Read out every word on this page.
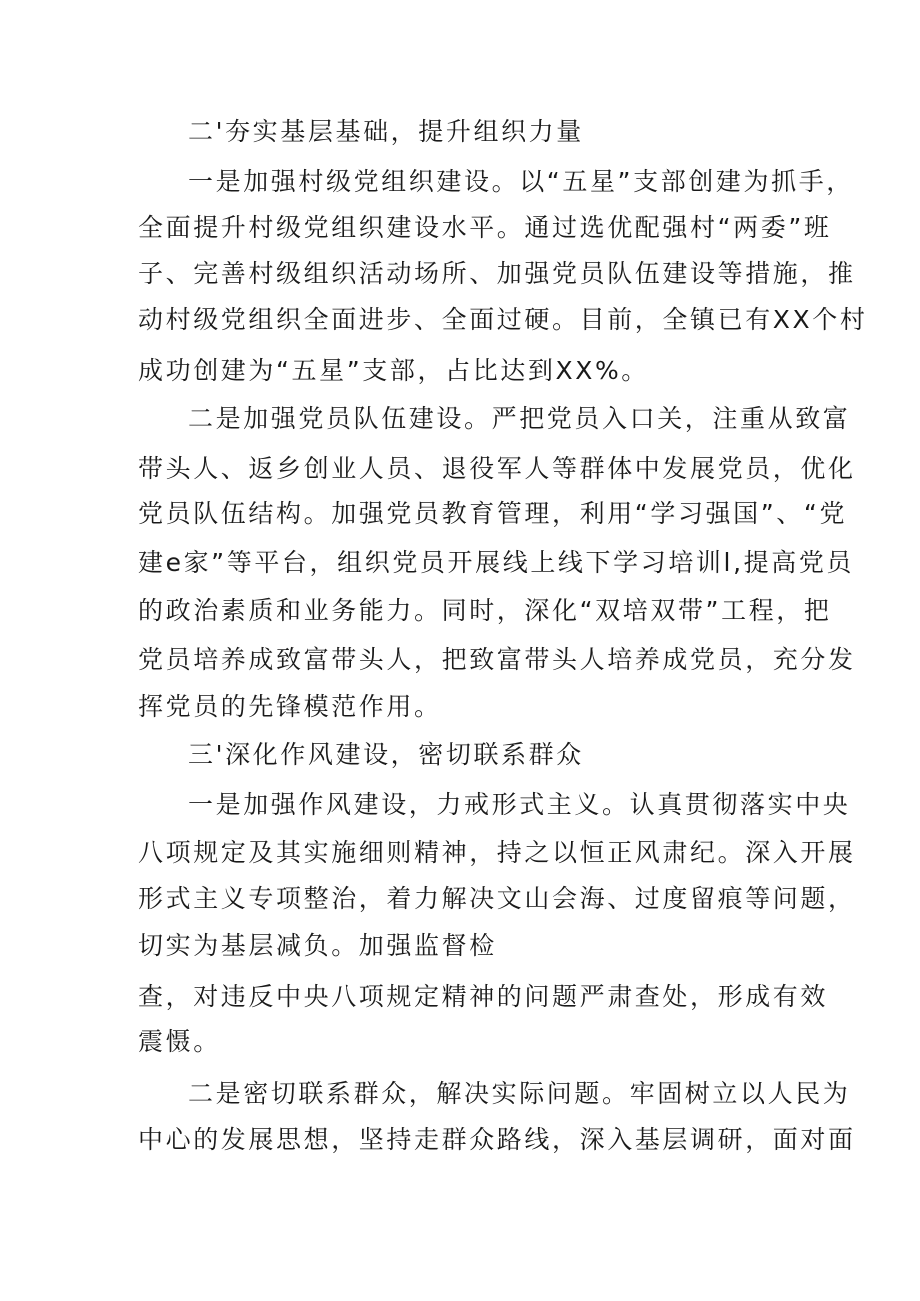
二'夯实基层基础，提升组织力量
一是加强村级党组织建设。以“五星”支部创建为抓手，
全面提升村级党组织建设水平。通过选优配强村“两委”班
子、完善村级组织活动场所、加强党员队伍建设等措施，推
动村级党组织全面进步、全面过硬。目前，全镇已有XX个村
成功创建为“五星”支部，占比达到XX%。
二是加强党员队伍建设。严把党员入口关，注重从致富
带头人、返乡创业人员、退役军人等群体中发展党员，优化
党员队伍结构。加强党员教育管理，利用“学习强国”、“党
建e家”等平台，组织党员开展线上线下学习培训l,提高党员
的政治素质和业务能力。同时，深化“双培双带”工程，把
党员培养成致富带头人，把致富带头人培养成党员，充分发
挥党员的先锋模范作用。
三'深化作风建设，密切联系群众
一是加强作风建设，力戒形式主义。认真贯彻落实中央
八项规定及其实施细则精神，持之以恒正风肃纪。深入开展
形式主义专项整治，着力解决文山会海、过度留痕等问题，
切实为基层减负。加强监督检
查，对违反中央八项规定精神的问题严肃查处，形成有效
震慑。
二是密切联系群众，解决实际问题。牢固树立以人民为
中心的发展思想，坚持走群众路线，深入基层调研，面对面
